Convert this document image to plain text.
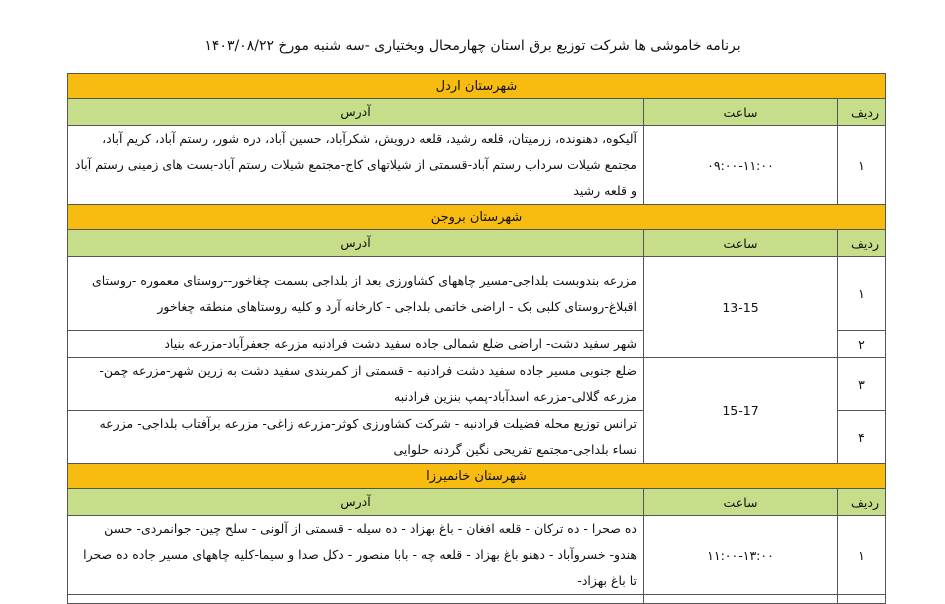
برنامه خاموشی ها شرکت توزیع برق استان چهارمحال وبختیاری -سه شنبه مورخ ۱۴۰۳/۰۸/۲۲
شهرستان اردل		
ردیف	ساعت	آدرس
۱	۰۹:۰۰-۱۱:۰۰	آلیکوه، دهنونده، زرمیتان، قلعه رشید، قلعه درویش، شکرآباد، حسین آباد، دره شور، رستم آباد، کریم آباد، مجتمع شیلات سرداب رستم آباد-قسمتی از شیلاتهای کاج-مجتمع شیلات رستم آباد-بست های زمینی رستم آباد و قلعه رشید
شهرستان بروجن		
ردیف	ساعت	آدرس
۱	13-15	مزرعه بندوبست بلداجی-مسیر چاههای کشاورزی بعد از بلداجی بسمت چغاخور--روستای معموره -روستای اقبلاغ-روستای کلبی بک - اراضی خاتمی بلداجی - کارخانه آرد و کلیه روستاهای منطقه چغاخور
۲		شهر سفید دشت- اراضی ضلع شمالی جاده سفید دشت فرادنبه مزرعه جعفرآباد-مزرعه بنیاد
۳	15-17	ضلع جنوبی مسیر جاده سفید دشت فرادنبه - قسمتی از کمربندی سفید دشت به زرین شهر-مزرعه چمن-مزرعه گلالی-مزرعه اسدآباد-پمپ بنزین فرادنبه
۴		ترانس توزیع محله فضیلت فرادنبه - شرکت کشاورزی کوثر-مزرعه زاغی- مزرعه برآفتاب بلداجی- مزرعه نساء بلداجی-مجتمع تفریحی نگین گردنه حلوایی
شهرستان خانمیرزا		
ردیف	ساعت	آدرس
۱	۱۱:۰۰-۱۳:۰۰	ده صحرا - ده ترکان - قلعه افغان - باغ بهزاد - ده سیله - قسمتی از آلونی - سلح چین- جوانمردی- حسن هندو- خسروآباد - دهنو باغ بهزاد - قلعه چه - بابا منصور - دکل صدا و سیما-کلیه چاههای مسیر جاده ده صحرا تا باغ بهزاد-
